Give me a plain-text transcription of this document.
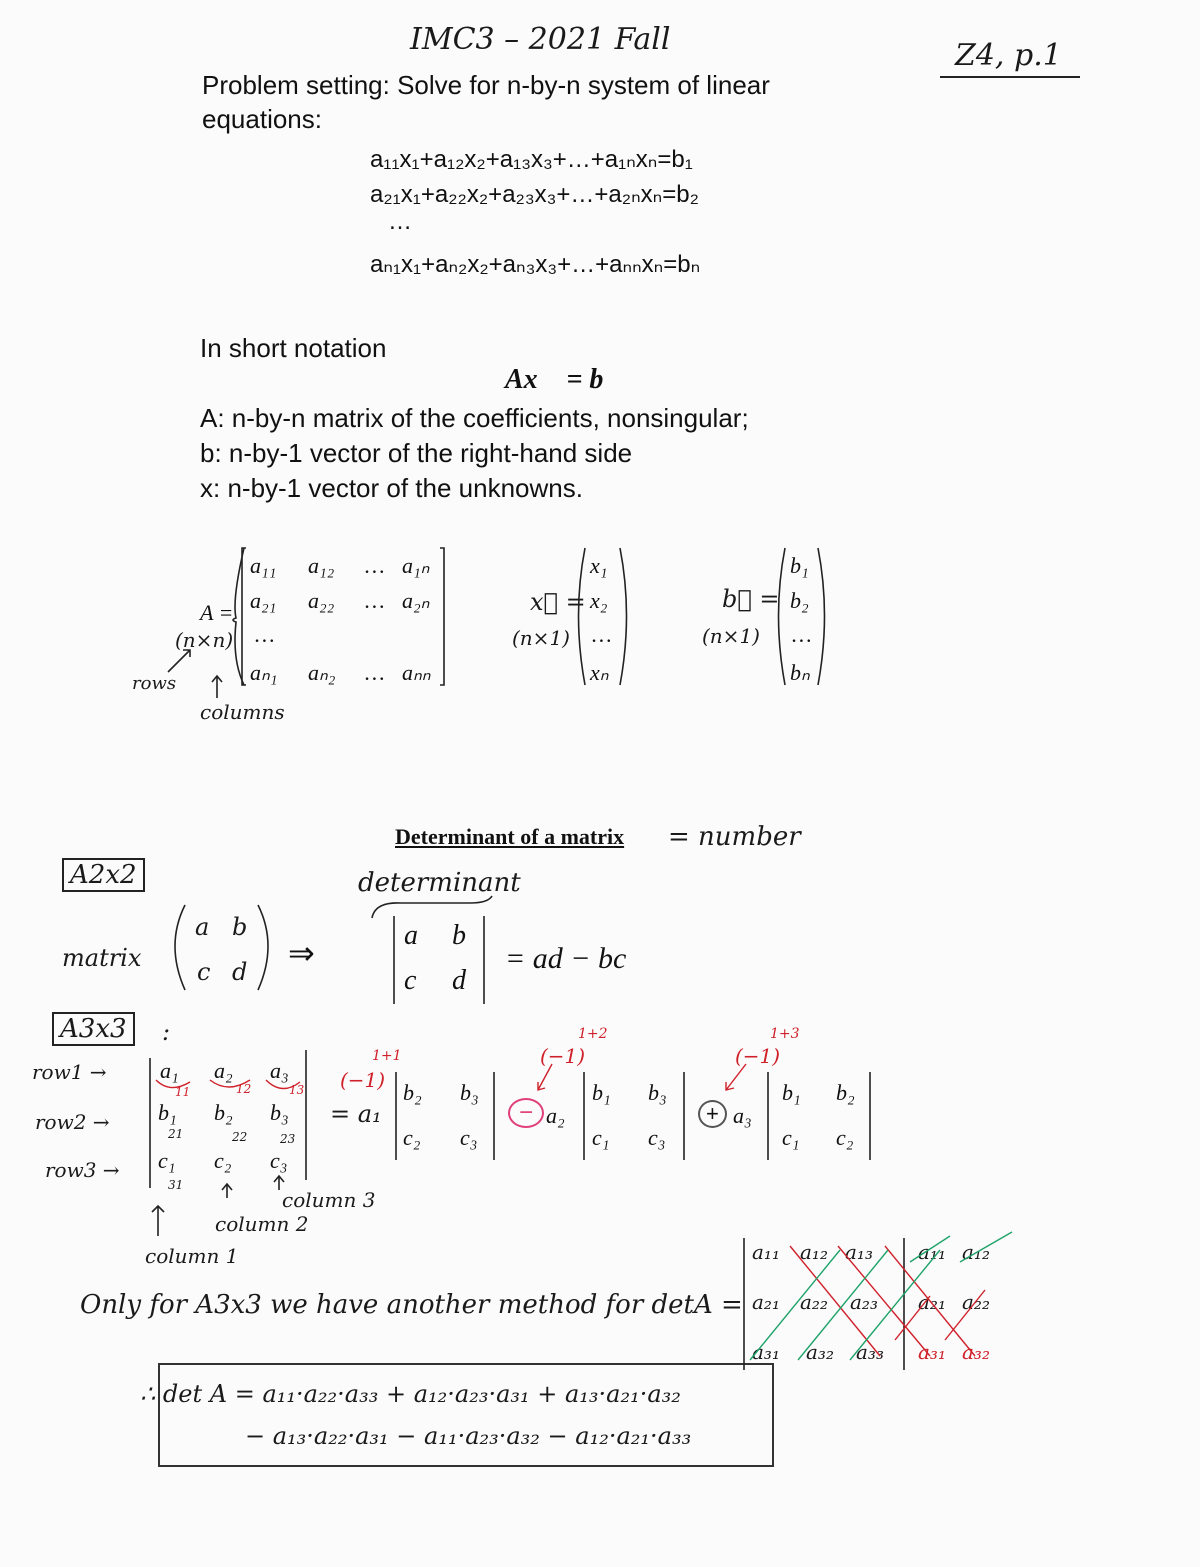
IMC3 – 2021 Fall	Z4, p.1
Problem setting: Solve for n-by-n system of linear
equations:
a₁₁x₁+a₁₂x₂+a₁₃x₃+…+a₁ₙxₙ=b₁
a₂₁x₁+a₂₂x₂+a₂₃x₃+…+a₂ₙxₙ=b₂
…
aₙ₁x₁+aₙ₂x₂+aₙ₃x₃+…+aₙₙxₙ=bₙ
In short notation
Ax⃗ = b⃗
A: n-by-n matrix of the coefficients, nonsingular;
b: n-by-1 vector of the right-hand side
x: n-by-1 vector of the unknowns.
A =
(n×n)
a₁₁ a₁₂ … a₁ₙ
a₂₁ a₂₂ … a₂ₙ
…
aₙ₁ aₙ₂ … aₙₙ
rows
columns
x⃗ =
(n×1)
x₁
x₂
…
xₙ
b⃗ =
(n×1)
b₁
b₂
…
bₙ
Determinant of a matrix = number
A2x2
matrix
a b
c d
⇒
determinant
a b
c d
= ad − bc
A3x3	:
row1 →
row2 →
row3 →
a₁ a₂ a₃
b₁ b₂ b₃
c₁ c₂ c₃
11	12	13
21	22	23
31
column 3
column 2
column 1
(−1)
1+1
= a₁
b₂ b₃
c₂ c₃
(−1)
1+2
− a₂
b₁ b₃
c₁ c₃
(−1)
1+3
+ a₃
b₁ b₂
c₁ c₂
Only for A3x3 we have another method for detA =
a₁₁ a₁₂ a₁₃ a₁₁ a₁₂
a₂₁ a₂₂ a₂₃ a₂₁ a₂₂
a₃₁ a₃₂ a₃₃ a₃₁ a₃₂
∴ det A = a₁₁·a₂₂·a₃₃ + a₁₂·a₂₃·a₃₁ + a₁₃·a₂₁·a₃₂
− a₁₃·a₂₂·a₃₁ − a₁₁·a₂₃·a₃₂ − a₁₂·a₂₁·a₃₃
